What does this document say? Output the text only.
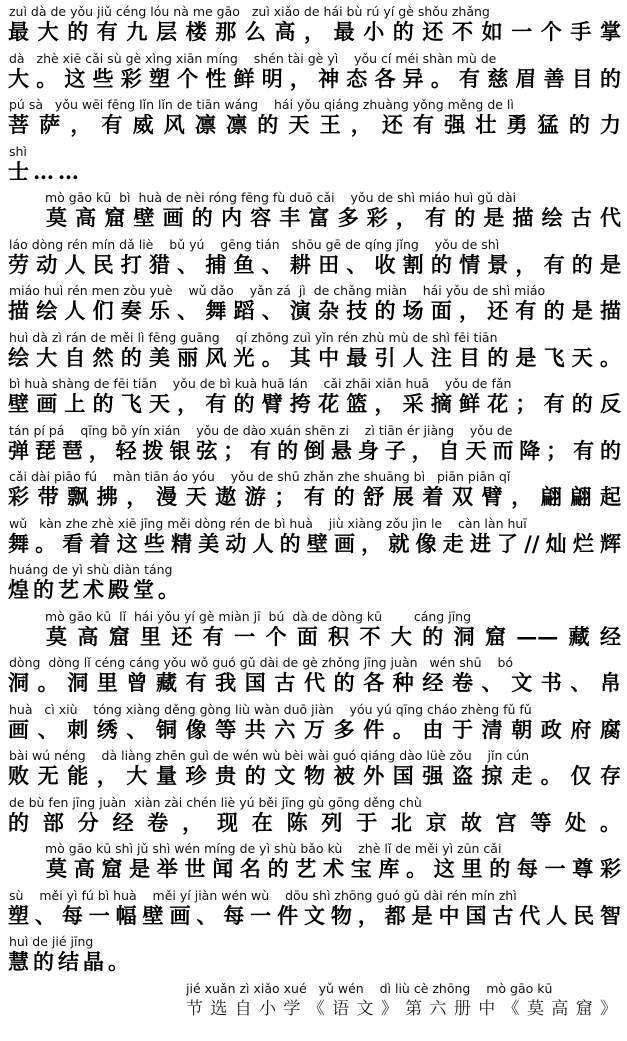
zuì dà de yǒu jiǔ céng lóu nà me gāo   zuì xiǎo de hái bù rú yí gè shǒu zhǎng
最大的有九层楼那么高，最小的还不如一个手掌
dà   zhè xiē cǎi sù gè xìng xiān míng    shén tài gè yì    yǒu cí méi shàn mù de
大。这些彩塑个性鲜明，神态各异。有慈眉善目的
pú sà   yǒu wēi fēng lǐn lǐn de tiān wáng    hái yǒu qiáng zhuàng yǒng měng de lì
菩萨，有威风凛凛的天王，还有强壮勇猛的力
shì
士……
mò gāo kū  bì  huà de nèi róng fēng fù duō cǎi    yǒu de shì miáo huì gǔ dài
莫高窟壁画的内容丰富多彩，有的是描绘古代
láo dòng rén mín dǎ liè    bǔ yú    gēng tián   shōu gē de qíng jǐng    yǒu de shì
劳动人民打猎、捕鱼、耕田、收割的情景，有的是
miáo huì rén men zòu yuè    wǔ dǎo    yǎn zá  jì  de chǎng miàn    hái yǒu de shì miáo
描绘人们奏乐、舞蹈、演杂技的场面，还有的是描
huì dà zì rán de měi lì fēng guāng    qí zhōng zuì yǐn rén zhù mù de shì fēi tiān
绘大自然的美丽风光。其中最引人注目的是飞天。
bì huà shàng de fēi tiān    yǒu de bì kuà huā lán    cǎi zhāi xiān huā    yǒu de fǎn
壁画上的飞天，有的臂挎花篮，采摘鲜花；有的反
tán pí pá    qīng bō yín xián    yǒu de dào xuán shēn zi    zì tiān ér jiàng    yǒu de
弹琵琶，轻拨银弦；有的倒悬身子，自天而降；有的
cǎi dài piāo fú    màn tiān áo yóu    yǒu de shū zhǎn zhe shuāng bì   piān piān qǐ
彩带飘拂，漫天遨游；有的舒展着双臂，翩翩起
wǔ   kàn zhe zhè xiē jīng měi dòng rén de bì huà    jiù xiàng zǒu jìn le    càn làn huī
舞。看着这些精美动人的壁画，就像走进了//灿烂辉
huáng de yì shù diàn táng
煌的艺术殿堂。
mò gāo kū  lǐ  hái yǒu yí gè miàn jī  bú  dà de dòng kū        cáng jīng
莫高窟里还有一个面积不大的洞窟——藏经
dòng  dòng lǐ céng cáng yǒu wǒ guó gǔ dài de gè zhǒng jīng juàn   wén shū    bó
洞。洞里曾藏有我国古代的各种经卷、文书、帛
huà   cì xiù    tóng xiàng děng gòng liù wàn duō jiàn    yóu yú qīng cháo zhèng fǔ fǔ
画、刺绣、铜像等共六万多件。由于清朝政府腐
bài wú néng    dà liàng zhēn guì de wén wù bèi wài guó qiáng dào lüè zǒu    jǐn cún
败无能，大量珍贵的文物被外国强盗掠走。仅存
de bù fen jīng juàn  xiàn zài chén liè yú běi jīng gù gōng děng chù
的部分经卷，现在陈列于北京故宫等处。
mò gāo kū shì jǔ shì wén míng de yì shù bǎo kù    zhè lǐ de měi yì zūn cǎi
莫高窟是举世闻名的艺术宝库。这里的每一尊彩
sù    měi yì fú bì huà    měi yí jiàn wén wù    dōu shì zhōng guó gǔ dài rén mín zhì
塑、每一幅壁画、每一件文物，都是中国古代人民智
huì de jié jīng
慧的结晶。
jié xuǎn zì xiǎo xué   yǔ wén    dì liù cè zhōng    mò gāo kū
节选自小学《语文》第六册中《莫高窟》
